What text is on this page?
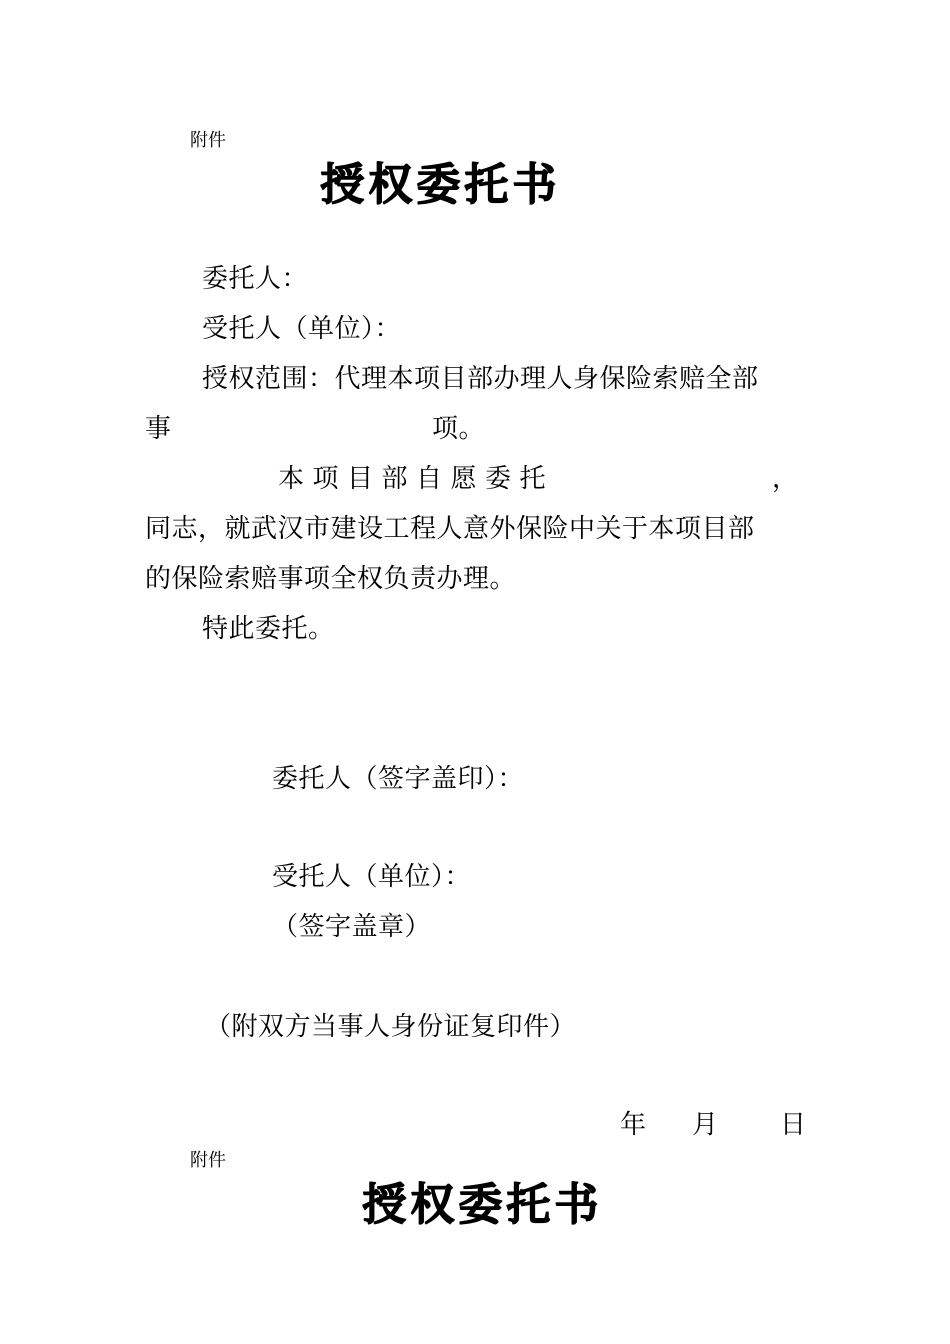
附件
授权委托书
委托人：
受托人（单位）：
授权范围：代理本项目部办理人身保险索赔全部
事	项。
本项目部自愿委托	，
同志，就武汉市建设工程人意外保险中关于本项目部
的保险索赔事项全权负责办理。
特此委托。
委托人（签字盖印）：
受托人（单位）：
（签字盖章）
（附双方当事人身份证复印件）
年 月 日
附件
授权委托书
